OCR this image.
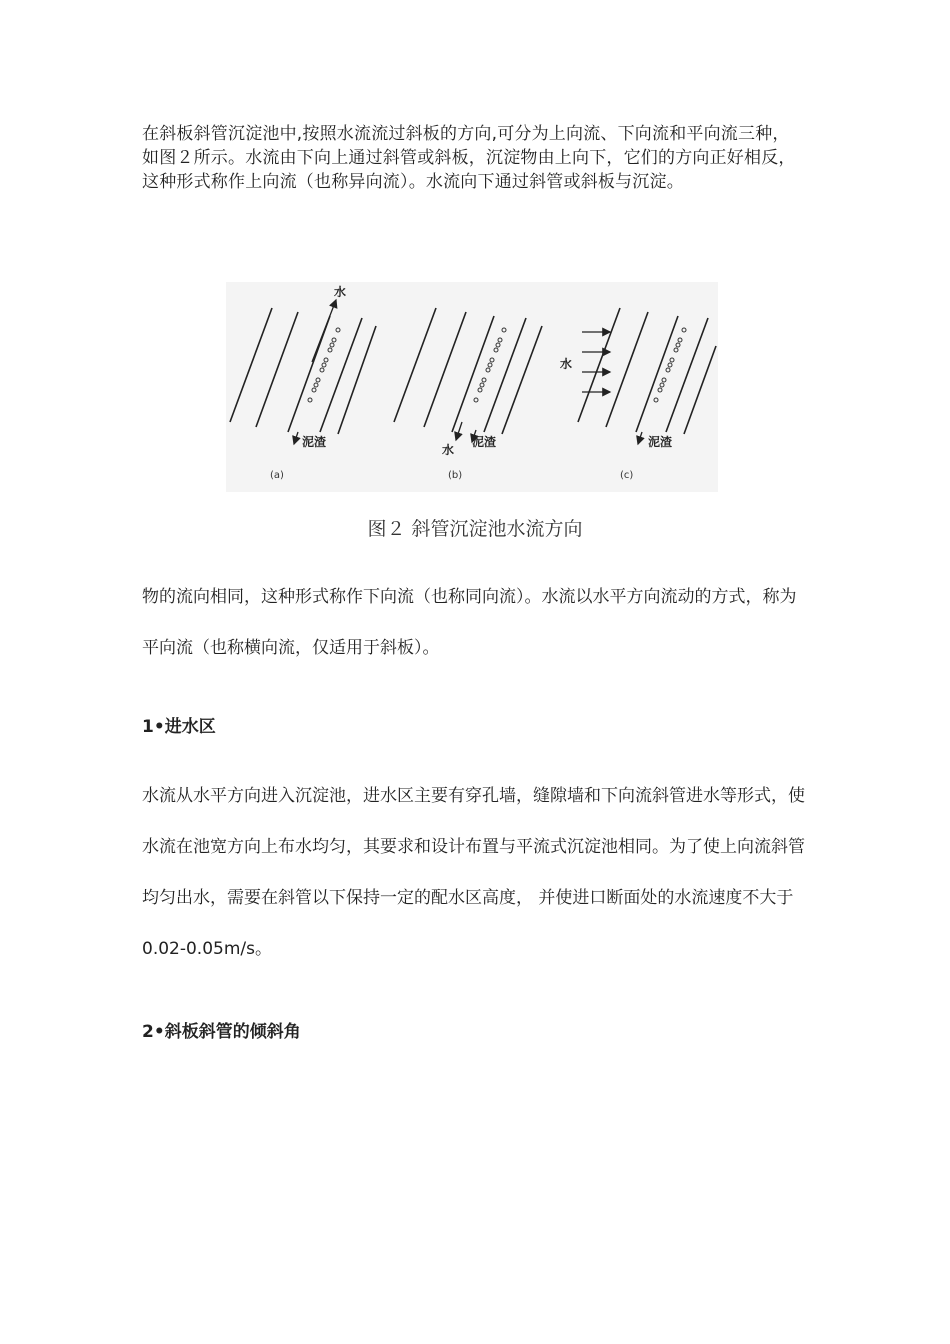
在斜板斜管沉淀池中,按照水流流过斜板的方向,可分为上向流、下向流和平向流三种，如图２所示。水流由下向上通过斜管或斜板，沉淀物由上向下，它们的方向正好相反，这种形式称作上向流（也称异向流）。水流向下通过斜管或斜板与沉淀。

水
泥渣
水
泥渣
水
泥渣
(a)	(b)	(c)

图２ 斜管沉淀池水流方向

物的流向相同，这种形式称作下向流（也称同向流）。水流以水平方向流动的方式，称为平向流（也称横向流，仅适用于斜板）。

1•进水区

水流从水平方向进入沉淀池，进水区主要有穿孔墙，缝隙墙和下向流斜管进水等形式，使水流在池宽方向上布水均匀，其要求和设计布置与平流式沉淀池相同。为了使上向流斜管均匀出水，需要在斜管以下保持一定的配水区高度， 并使进口断面处的水流速度不大于 0.02-0.05m/s。

2•斜板斜管的倾斜角
